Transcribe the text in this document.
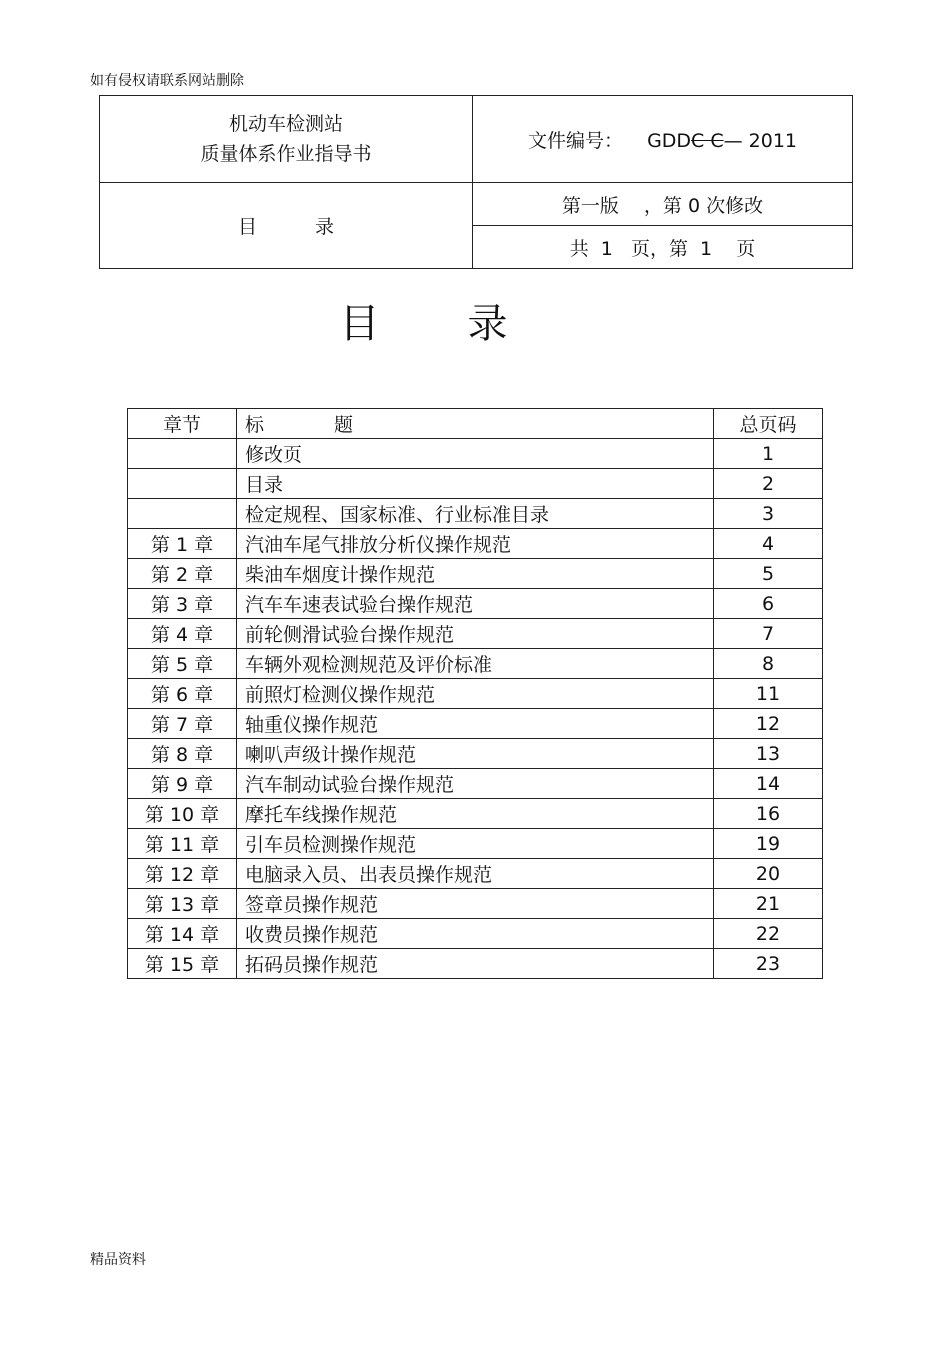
如有侵权请联系网站删除
机动车检测站
质量体系作业指导书	文件编号： GDDC C— 2011
目 录	第一版　 ，第 0 次修改
	共  1   页，第  1    页
目 录
章节	标 题	总页码
	修改页	1
	目录	2
	检定规程、国家标准、行业标准目录	3
第 1 章	汽油车尾气排放分析仪操作规范	4
第 2 章	柴油车烟度计操作规范	5
第 3 章	汽车车速表试验台操作规范	6
第 4 章	前轮侧滑试验台操作规范	7
第 5 章	车辆外观检测规范及评价标准	8
第 6 章	前照灯检测仪操作规范	11
第 7 章	轴重仪操作规范	12
第 8 章	喇叭声级计操作规范	13
第 9 章	汽车制动试验台操作规范	14
第 10 章	摩托车线操作规范	16
第 11 章	引车员检测操作规范	19
第 12 章	电脑录入员、出表员操作规范	20
第 13 章	签章员操作规范	21
第 14 章	收费员操作规范	22
第 15 章	拓码员操作规范	23
精品资料
